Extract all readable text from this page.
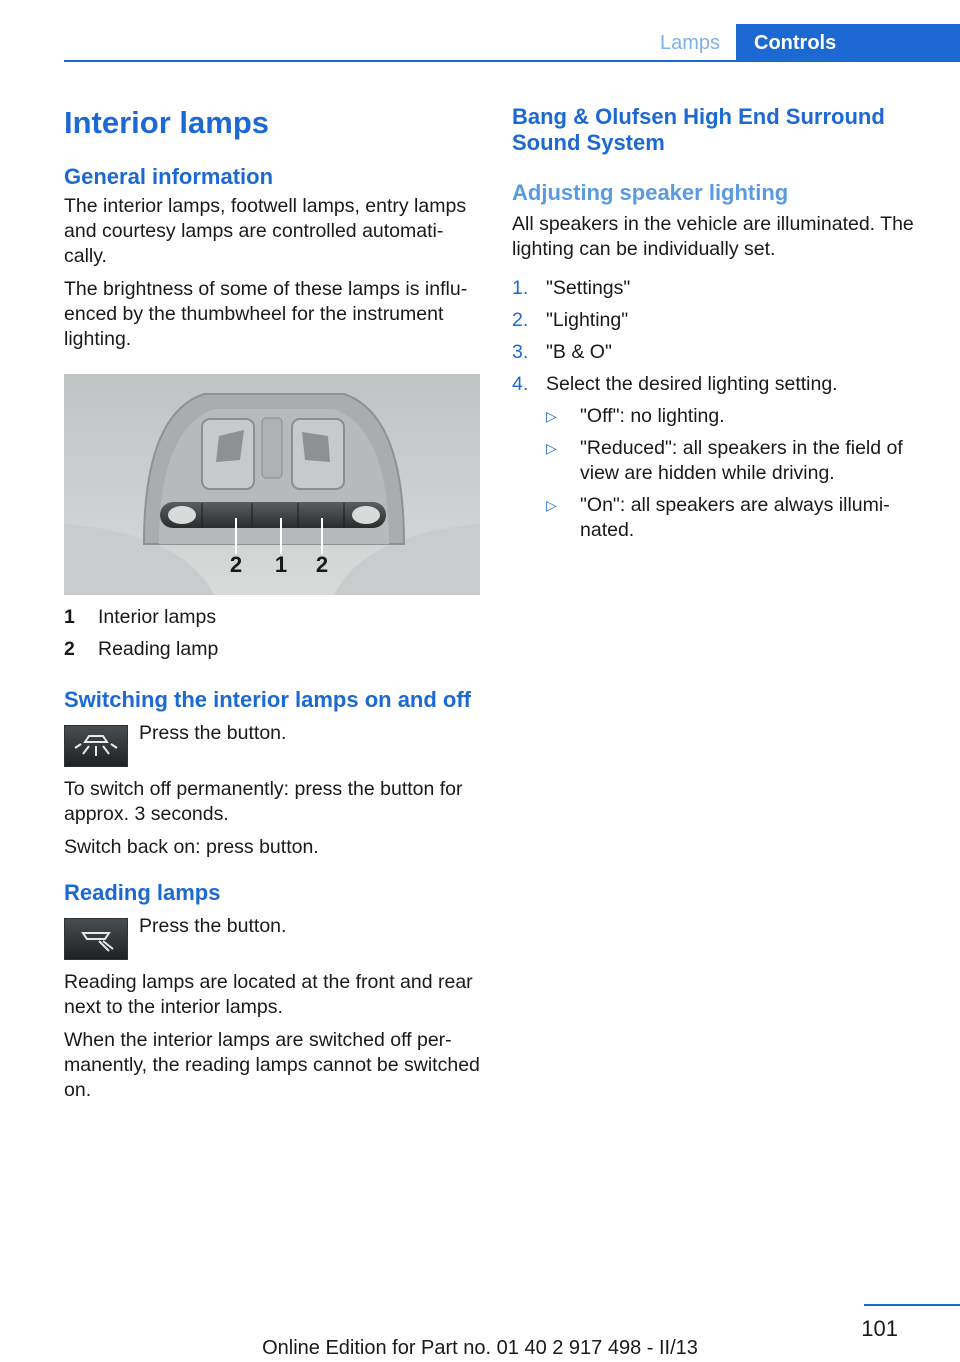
Lamps	Controls
Interior lamps
General information

The interior lamps, footwell lamps, entry lamps and courtesy lamps are controlled automati-cally.

The brightness of some of these lamps is influ-enced by the thumbwheel for the instrument lighting.

2 1 2
1	Interior lamps
2	Reading lamp
Switching the interior lamps on and off
Press the button.

To switch off permanently: press the button for approx. 3 seconds.

Switch back on: press button.

Reading lamps
Press the button.

Reading lamps are located at the front and rear next to the interior lamps.

When the interior lamps are switched off per-manently, the reading lamps cannot be switched on.

Bang & Olufsen High End Surround Sound System
Adjusting speaker lighting

All speakers in the vehicle are illuminated. The lighting can be individually set.

1. "Settings"
2. "Lighting"
3. "B & O"
4. Select the desired lighting setting.
▷	"Off": no lighting.
▷	"Reduced": all speakers in the field of view are hidden while driving.
▷	"On": all speakers are always illumi-nated.
101
Online Edition for Part no. 01 40 2 917 498 - II/13
